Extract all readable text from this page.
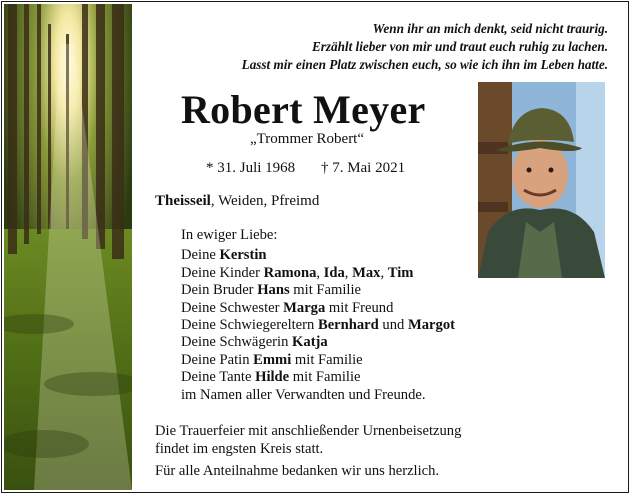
Wenn ihr an mich denkt, seid nicht traurig.
Erzählt lieber von mir und traut euch ruhig zu lachen.
Lasst mir einen Platz zwischen euch, so wie ich ihn im Leben hatte.
Robert Meyer
„Trommer Robert“
* 31. Juli 1968 † 7. Mai 2021
Theisseil, Weiden, Pfreimd
In ewiger Liebe:
Deine Kerstin
Deine Kinder Ramona, Ida, Max, Tim
Dein Bruder Hans mit Familie
Deine Schwester Marga mit Freund
Deine Schwiegereltern Bernhard und Margot
Deine Schwägerin Katja
Deine Patin Emmi mit Familie
Deine Tante Hilde mit Familie
im Namen aller Verwandten und Freunde.
Die Trauerfeier mit anschließender Urnenbeisetzung
findet im engsten Kreis statt.
Für alle Anteilnahme bedanken wir uns herzlich.
